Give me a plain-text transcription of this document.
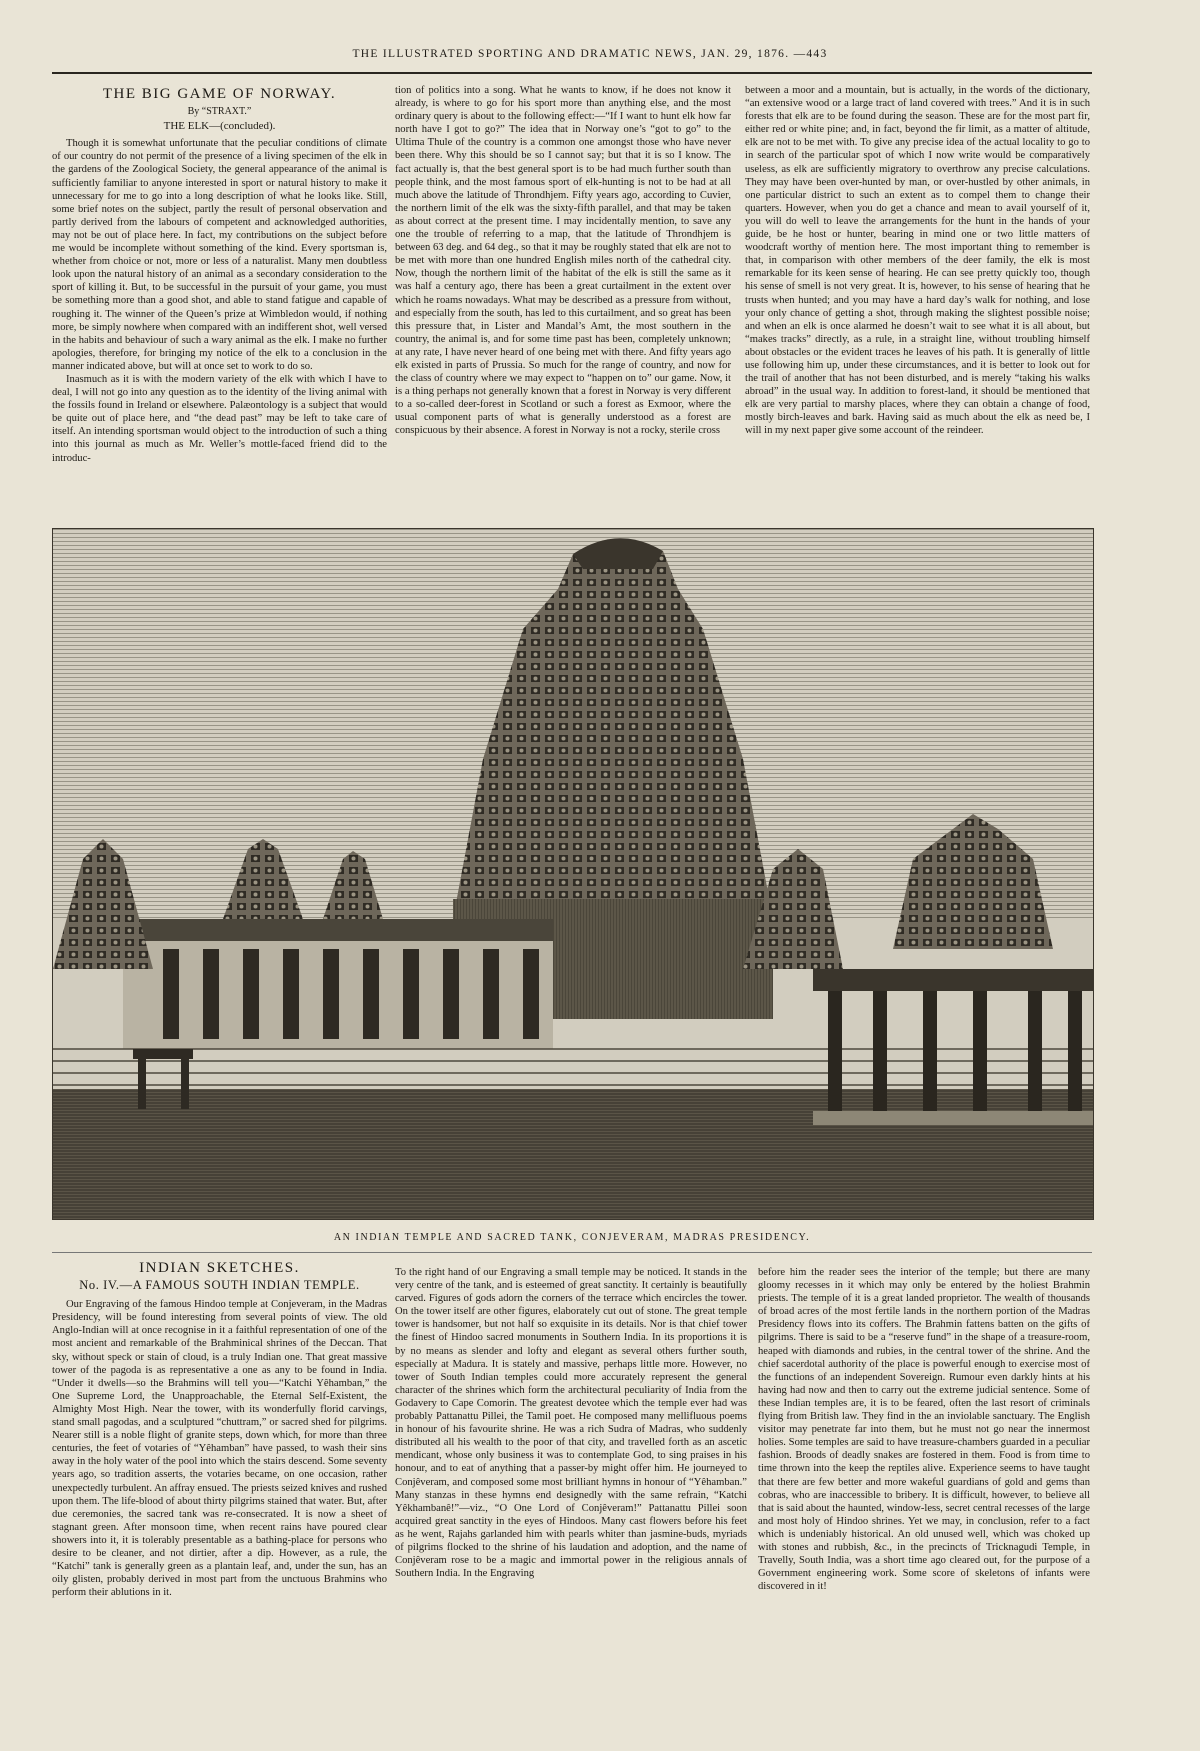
THE ILLUSTRATED SPORTING AND DRAMATIC NEWS, JAN. 29, 1876. —443
THE BIG GAME OF NORWAY.
By “STRAXT.”
THE ELK—(concluded).

Though it is somewhat unfortunate that the peculiar conditions of climate of our country do not permit of the presence of a living specimen of the elk in the gardens of the Zoological Society, the general appearance of the animal is sufficiently familiar to anyone interested in sport or natural history to make it unnecessary for me to go into a long description of what he looks like. Still, some brief notes on the subject, partly the result of personal observation and partly derived from the labours of competent and acknowledged authorities, may not be out of place here. In fact, my contributions on the subject before me would be incomplete without something of the kind. Every sportsman is, whether from choice or not, more or less of a naturalist. Many men doubtless look upon the natural history of an animal as a secondary consideration to the sport of killing it. But, to be successful in the pursuit of your game, you must be something more than a good shot, and able to stand fatigue and capable of roughing it. The winner of the Queen’s prize at Wimbledon would, if nothing more, be simply nowhere when compared with an indifferent shot, well versed in the habits and behaviour of such a wary animal as the elk. I make no further apologies, therefore, for bringing my notice of the elk to a conclusion in the manner indicated above, but will at once set to work to do so.

Inasmuch as it is with the modern variety of the elk with which I have to deal, I will not go into any question as to the identity of the living animal with the fossils found in Ireland or elsewhere. Palæontology is a subject that would be quite out of place here, and “the dead past” may be left to take care of itself. An intending sportsman would object to the introduction of such a thing into this journal as much as Mr. Weller’s mottle-faced friend did to the introduc-

tion of politics into a song. What he wants to know, if he does not know it already, is where to go for his sport more than anything else, and the most ordinary query is about to the following effect:—“If I want to hunt elk how far north have I got to go?” The idea that in Norway one’s “got to go” to the Ultima Thule of the country is a common one amongst those who have never been there. Why this should be so I cannot say; but that it is so I know. The fact actually is, that the best general sport is to be had much further south than people think, and the most famous sport of elk-hunting is not to be had at all much above the latitude of Throndhjem. Fifty years ago, according to Cuvier, the northern limit of the elk was the sixty-fifth parallel, and that may be taken as about correct at the present time. I may incidentally mention, to save any one the trouble of referring to a map, that the latitude of Throndhjem is between 63 deg. and 64 deg., so that it may be roughly stated that elk are not to be met with more than one hundred English miles north of the cathedral city. Now, though the northern limit of the habitat of the elk is still the same as it was half a century ago, there has been a great curtailment in the extent over which he roams nowadays. What may be described as a pressure from without, and especially from the south, has led to this curtailment, and so great has been this pressure that, in Lister and Mandal’s Amt, the most southern in the country, the animal is, and for some time past has been, completely unknown; at any rate, I have never heard of one being met with there. And fifty years ago elk existed in parts of Prussia. So much for the range of country, and now for the class of country where we may expect to “happen on to” our game. Now, it is a thing perhaps not generally known that a forest in Norway is very different to a so-called deer-forest in Scotland or such a forest as Exmoor, where the usual component parts of what is generally understood as a forest are conspicuous by their absence. A forest in Norway is not a rocky, sterile cross

between a moor and a mountain, but is actually, in the words of the dictionary, “an extensive wood or a large tract of land covered with trees.” And it is in such forests that elk are to be found during the season. These are for the most part fir, either red or white pine; and, in fact, beyond the fir limit, as a matter of altitude, elk are not to be met with. To give any precise idea of the actual locality to go to in search of the particular spot of which I now write would be comparatively useless, as elk are sufficiently migratory to overthrow any precise calculations. They may have been over-hunted by man, or over-hustled by other animals, in one particular district to such an extent as to compel them to change their quarters. However, when you do get a chance and mean to avail yourself of it, you will do well to leave the arrangements for the hunt in the hands of your guide, be he host or hunter, bearing in mind one or two little matters of woodcraft worthy of mention here. The most important thing to remember is that, in comparison with other members of the deer family, the elk is most remarkable for its keen sense of hearing. He can see pretty quickly too, though his sense of smell is not very great. It is, however, to his sense of hearing that he trusts when hunted; and you may have a hard day’s walk for nothing, and lose your only chance of getting a shot, through making the slightest possible noise; and when an elk is once alarmed he doesn’t wait to see what it is all about, but “makes tracks” directly, as a rule, in a straight line, without troubling himself about obstacles or the evident traces he leaves of his path. It is generally of little use following him up, under these circumstances, and it is better to look out for the trail of another that has not been disturbed, and is merely “taking his walks abroad” in the usual way. In addition to forest-land, it should be mentioned that elk are very partial to marshy places, where they can obtain a change of food, mostly birch-leaves and bark. Having said as much about the elk as need be, I will in my next paper give some account of the reindeer.

AN INDIAN TEMPLE AND SACRED TANK, CONJEVERAM, MADRAS PRESIDENCY.
INDIAN SKETCHES.
No. IV.—A FAMOUS SOUTH INDIAN TEMPLE.

Our Engraving of the famous Hindoo temple at Conjeveram, in the Madras Presidency, will be found interesting from several points of view. The old Anglo-Indian will at once recognise in it a faithful representation of one of the most ancient and remarkable of the Brahminical shrines of the Deccan. That sky, without speck or stain of cloud, is a truly Indian one. That great massive tower of the pagoda is as representative a one as any to be found in India. “Under it dwells—so the Brahmins will tell you—“Katchi Yêhamban,” the One Supreme Lord, the Unapproachable, the Eternal Self-Existent, the Almighty Most High. Near the tower, with its wonderfully florid carvings, stand small pagodas, and a sculptured “chuttram,” or sacred shed for pilgrims. Nearer still is a noble flight of granite steps, down which, for more than three centuries, the feet of votaries of “Yêhamban” have passed, to wash their sins away in the holy water of the pool into which the stairs descend. Some seventy years ago, so tradition asserts, the votaries became, on one occasion, rather unexpectedly turbulent. An affray ensued. The priests seized knives and rushed upon them. The life-blood of about thirty pilgrims stained that water. But, after due ceremonies, the sacred tank was re-consecrated. It is now a sheet of stagnant green. After monsoon time, when recent rains have poured clear showers into it, it is tolerably presentable as a bathing-place for persons who desire to be cleaner, and not dirtier, after a dip. However, as a rule, the “Katchi” tank is generally green as a plantain leaf, and, under the sun, has an oily glisten, probably derived in most part from the unctuous Brahmins who perform their ablutions in it.

To the right hand of our Engraving a small temple may be noticed. It stands in the very centre of the tank, and is esteemed of great sanctity. It certainly is beautifully carved. Figures of gods adorn the corners of the terrace which encircles the tower. On the tower itself are other figures, elaborately cut out of stone. The great temple tower is handsomer, but not half so exquisite in its details. Nor is that chief tower the finest of Hindoo sacred monuments in Southern India. In its proportions it is by no means as slender and lofty and elegant as several others further south, especially at Madura. It is stately and massive, perhaps little more. However, no tower of South Indian temples could more accurately represent the general character of the shrines which form the architectural peculiarity of India from the Godavery to Cape Comorin. The greatest devotee which the temple ever had was probably Pattanattu Pillei, the Tamil poet. He composed many mellifluous poems in honour of his favourite shrine. He was a rich Sudra of Madras, who suddenly distributed all his wealth to the poor of that city, and travelled forth as an ascetic mendicant, whose only business it was to contemplate God, to sing praises in his honour, and to eat of anything that a passer-by might offer him. He journeyed to Conjêveram, and composed some most brilliant hymns in honour of “Yêhamban.” Many stanzas in these hymns end designedly with the same refrain, “Katchi Yêkhambanê!”—viz., “O One Lord of Conjêveram!” Pattanattu Pillei soon acquired great sanctity in the eyes of Hindoos. Many cast flowers before his feet as he went, Rajahs garlanded him with pearls whiter than jasmine-buds, myriads of pilgrims flocked to the shrine of his laudation and adoption, and the name of Conjêveram rose to be a magic and immortal power in the religious annals of Southern India. In the Engraving

before him the reader sees the interior of the temple; but there are many gloomy recesses in it which may only be entered by the holiest Brahmin priests. The temple of it is a great landed proprietor. The wealth of thousands of broad acres of the most fertile lands in the northern portion of the Madras Presidency flows into its coffers. The Brahmin fattens batten on the gifts of pilgrims. There is said to be a “reserve fund” in the shape of a treasure-room, heaped with diamonds and rubies, in the central tower of the shrine. And the chief sacerdotal authority of the place is powerful enough to exercise most of the functions of an independent Sovereign. Rumour even darkly hints at his having had now and then to carry out the extreme judicial sentence. Some of these Indian temples are, it is to be feared, often the last resort of criminals flying from British law. They find in the an inviolable sanctuary. The English visitor may penetrate far into them, but he must not go near the innermost holies. Some temples are said to have treasure-chambers guarded in a peculiar fashion. Broods of deadly snakes are fostered in them. Food is from time to time thrown into the keep the reptiles alive. Experience seems to have taught that there are few better and more wakeful guardians of gold and gems than cobras, who are inaccessible to bribery. It is difficult, however, to believe all that is said about the haunted, window-less, secret central recesses of the large and most holy of Hindoo shrines. Yet we may, in conclusion, refer to a fact which is undeniably historical. An old unused well, which was choked up with stones and rubbish, &c., in the precincts of Tricknagudi Temple, in Travelly, South India, was a short time ago cleared out, for the purpose of a Government engineering work. Some score of skeletons of infants were discovered in it!
